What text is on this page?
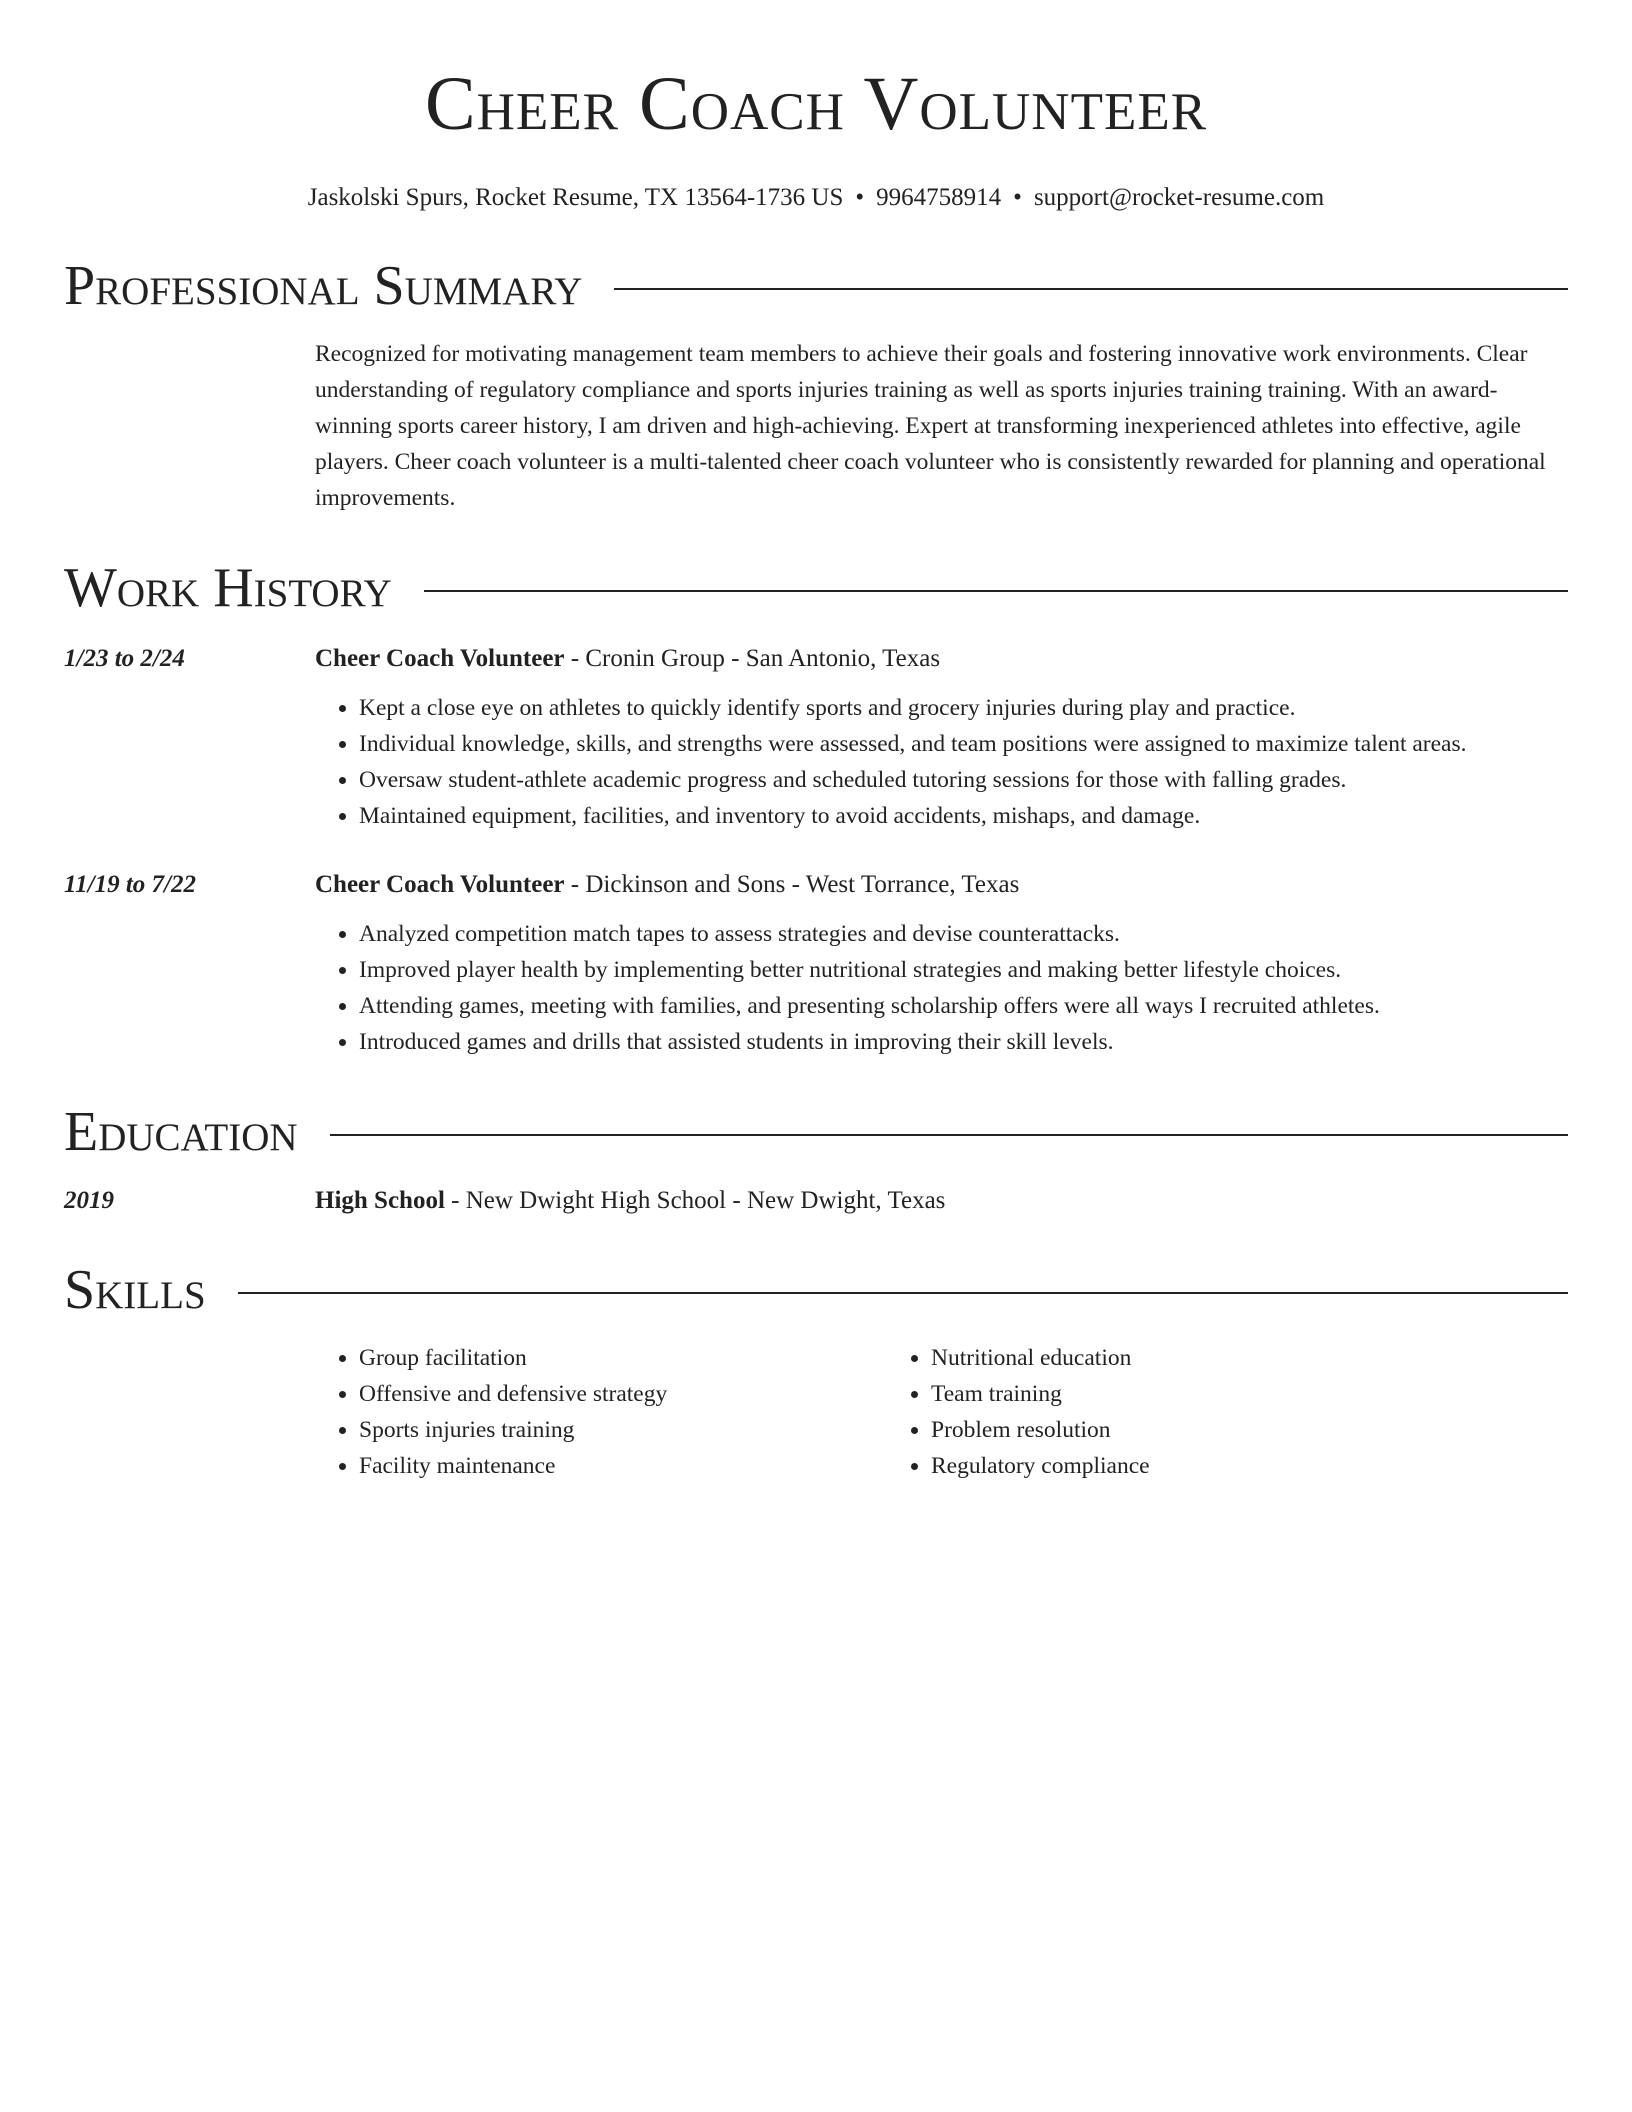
Cheer Coach Volunteer
Jaskolski Spurs, Rocket Resume, TX 13564-1736 US • 9964758914 • support@rocket-resume.com
Professional Summary
Recognized for motivating management team members to achieve their goals and fostering innovative work environments. Clear understanding of regulatory compliance and sports injuries training as well as sports injuries training training. With an award-winning sports career history, I am driven and high-achieving. Expert at transforming inexperienced athletes into effective, agile players. Cheer coach volunteer is a multi-talented cheer coach volunteer who is consistently rewarded for planning and operational improvements.
Work History
1/23 to 2/24	Cheer Coach Volunteer - Cronin Group - San Antonio, Texas
• Kept a close eye on athletes to quickly identify sports and grocery injuries during play and practice.
• Individual knowledge, skills, and strengths were assessed, and team positions were assigned to maximize talent areas.
• Oversaw student-athlete academic progress and scheduled tutoring sessions for those with falling grades.
• Maintained equipment, facilities, and inventory to avoid accidents, mishaps, and damage.
11/19 to 7/22	Cheer Coach Volunteer - Dickinson and Sons - West Torrance, Texas
• Analyzed competition match tapes to assess strategies and devise counterattacks.
• Improved player health by implementing better nutritional strategies and making better lifestyle choices.
• Attending games, meeting with families, and presenting scholarship offers were all ways I recruited athletes.
• Introduced games and drills that assisted students in improving their skill levels.
Education
2019	High School - New Dwight High School - New Dwight, Texas
Skills
• Group facilitation
• Offensive and defensive strategy
• Sports injuries training
• Facility maintenance
• Nutritional education
• Team training
• Problem resolution
• Regulatory compliance
